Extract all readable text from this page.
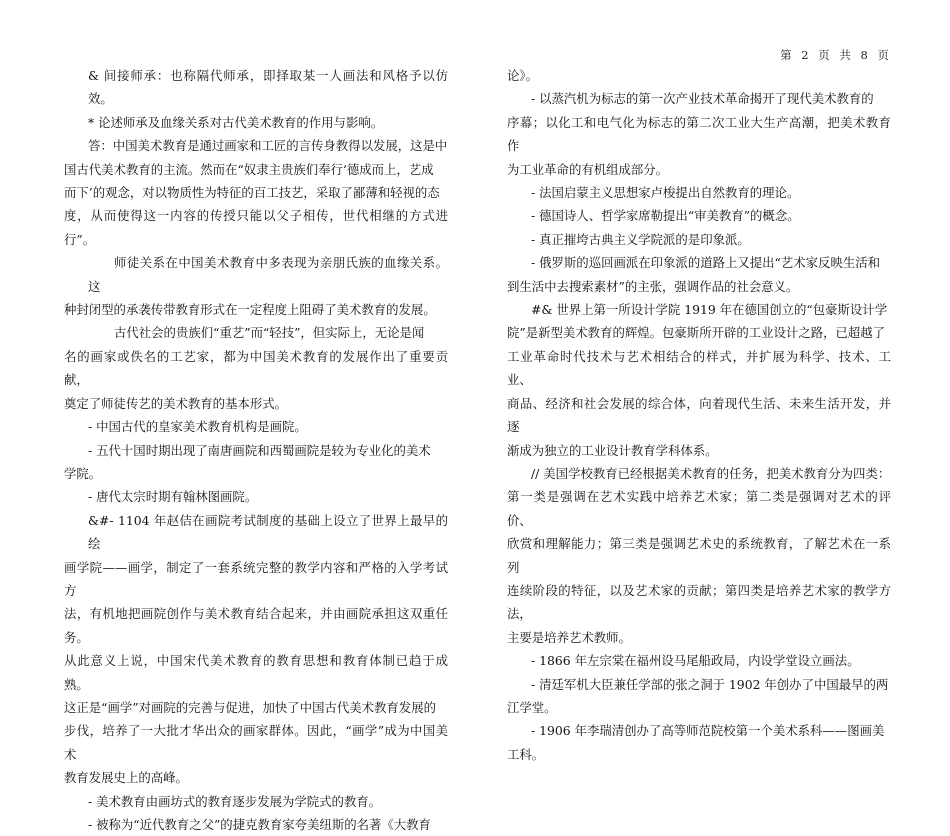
第 2 页 共 8 页
& 间接师承：也称隔代师承，即择取某一人画法和风格予以仿效。
* 论述师承及血缘关系对古代美术教育的作用与影响。
答：中国美术教育是通过画家和工匠的言传身教得以发展，这是中
国古代美术教育的主流。然而在“奴隶主贵族们奉行‘德成而上，艺成
而下’的观念，对以物质性为特征的百工技艺，采取了鄙薄和轻视的态
度，从而使得这一内容的传授只能以父子相传，世代相继的方式进行”。
师徒关系在中国美术教育中多表现为亲朋氏族的血缘关系。这
种封闭型的承袭传带教育形式在一定程度上阻碍了美术教育的发展。
古代社会的贵族们“重艺”而“轻技”，但实际上，无论是闻
名的画家或佚名的工艺家，都为中国美术教育的发展作出了重要贡献，
奠定了师徒传艺的美术教育的基本形式。
- 中国古代的皇家美术教育机构是画院。
- 五代十国时期出现了南唐画院和西蜀画院是较为专业化的美术
学院。
- 唐代太宗时期有翰林图画院。
&#- 1104 年赵佶在画院考试制度的基础上设立了世界上最早的绘
画学院——画学，制定了一套系统完整的教学内容和严格的入学考试方
法，有机地把画院创作与美术教育结合起来，并由画院承担这双重任务。
从此意义上说，中国宋代美术教育的教育思想和教育体制已趋于成熟。
这正是“画学”对画院的完善与促进，加快了中国古代美术教育发展的
步伐，培养了一大批才华出众的画家群体。因此，“画学”成为中国美术
教育发展史上的高峰。
- 美术教育由画坊式的教育逐步发展为学院式的教育。
- 被称为“近代教育之父”的捷克教育家夸美纽斯的名著《大教育
论》。
- 以蒸汽机为标志的第一次产业技术革命揭开了现代美术教育的
序幕；以化工和电气化为标志的第二次工业大生产高潮，把美术教育作
为工业革命的有机组成部分。
- 法国启蒙主义思想家卢梭提出自然教育的理论。
- 德国诗人、哲学家席勒提出“审美教育”的概念。
- 真正摧垮古典主义学院派的是印象派。
- 俄罗斯的巡回画派在印象派的道路上又提出“艺术家反映生活和
到生活中去搜索素材”的主张，强调作品的社会意义。
#& 世界上第一所设计学院 1919 年在德国创立的“包豪斯设计学
院”是新型美术教育的辉煌。包豪斯所开辟的工业设计之路，已超越了
工业革命时代技术与艺术相结合的样式，并扩展为科学、技术、工业、
商品、经济和社会发展的综合体，向着现代生活、未来生活开发，并逐
渐成为独立的工业设计教育学科体系。
// 美国学校教育已经根据美术教育的任务，把美术教育分为四类：
第一类是强调在艺术实践中培养艺术家；第二类是强调对艺术的评价、
欣赏和理解能力；第三类是强调艺术史的系统教育，了解艺术在一系列
连续阶段的特征，以及艺术家的贡献；第四类是培养艺术家的教学方法，
主要是培养艺术教师。
- 1866 年左宗棠在福州设马尾船政局，内设学堂设立画法。
- 清廷军机大臣兼任学部的张之洞于 1902 年创办了中国最早的两
江学堂。
- 1906 年李瑞清创办了高等师范院校第一个美术系科——图画美
工科。
